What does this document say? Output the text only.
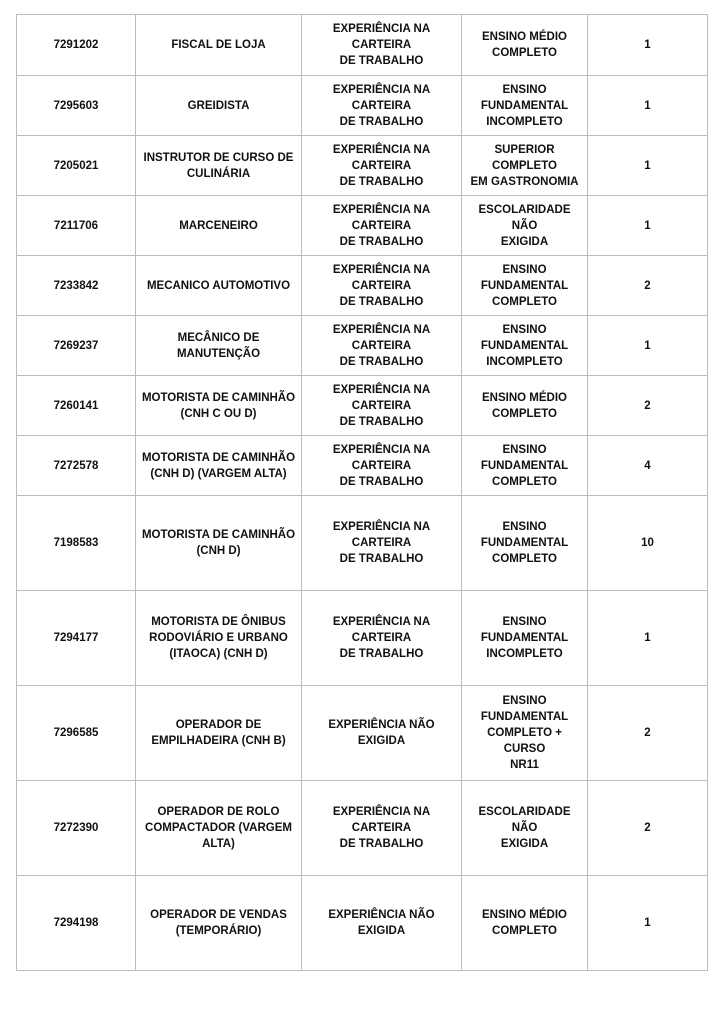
7291202	FISCAL DE LOJA	EXPERIÊNCIA NA CARTEIRA
DE TRABALHO	ENSINO MÉDIO
COMPLETO	1
7295603	GREIDISTA	EXPERIÊNCIA NA CARTEIRA
DE TRABALHO	ENSINO
FUNDAMENTAL
INCOMPLETO	1
7205021	INSTRUTOR DE CURSO DE
CULINÁRIA	EXPERIÊNCIA NA CARTEIRA
DE TRABALHO	SUPERIOR COMPLETO
EM GASTRONOMIA	1
7211706	MARCENEIRO	EXPERIÊNCIA NA CARTEIRA
DE TRABALHO	ESCOLARIDADE NÃO
EXIGIDA	1
7233842	MECANICO AUTOMOTIVO	EXPERIÊNCIA NA CARTEIRA
DE TRABALHO	ENSINO
FUNDAMENTAL
COMPLETO	2
7269237	MECÂNICO DE MANUTENÇÃO	EXPERIÊNCIA NA CARTEIRA
DE TRABALHO	ENSINO
FUNDAMENTAL
INCOMPLETO	1
7260141	MOTORISTA DE CAMINHÃO
(CNH C OU D)	EXPERIÊNCIA NA CARTEIRA
DE TRABALHO	ENSINO MÉDIO
COMPLETO	2
7272578	MOTORISTA DE CAMINHÃO
(CNH D) (VARGEM ALTA)	EXPERIÊNCIA NA CARTEIRA
DE TRABALHO	ENSINO
FUNDAMENTAL
COMPLETO	4
7198583	MOTORISTA DE CAMINHÃO
(CNH D)	EXPERIÊNCIA NA CARTEIRA
DE TRABALHO	ENSINO
FUNDAMENTAL
COMPLETO	10
7294177	MOTORISTA DE ÔNIBUS
RODOVIÁRIO E URBANO
(ITAOCA) (CNH D)	EXPERIÊNCIA NA CARTEIRA
DE TRABALHO	ENSINO
FUNDAMENTAL
INCOMPLETO	1
7296585	OPERADOR DE
EMPILHADEIRA (CNH B)	EXPERIÊNCIA NÃO EXIGIDA	ENSINO
FUNDAMENTAL
COMPLETO + CURSO
NR11	2
7272390	OPERADOR DE ROLO
COMPACTADOR (VARGEM
ALTA)	EXPERIÊNCIA NA CARTEIRA
DE TRABALHO	ESCOLARIDADE NÃO
EXIGIDA	2
7294198	OPERADOR DE VENDAS
(TEMPORÁRIO)	EXPERIÊNCIA NÃO EXIGIDA	ENSINO MÉDIO
COMPLETO	1
